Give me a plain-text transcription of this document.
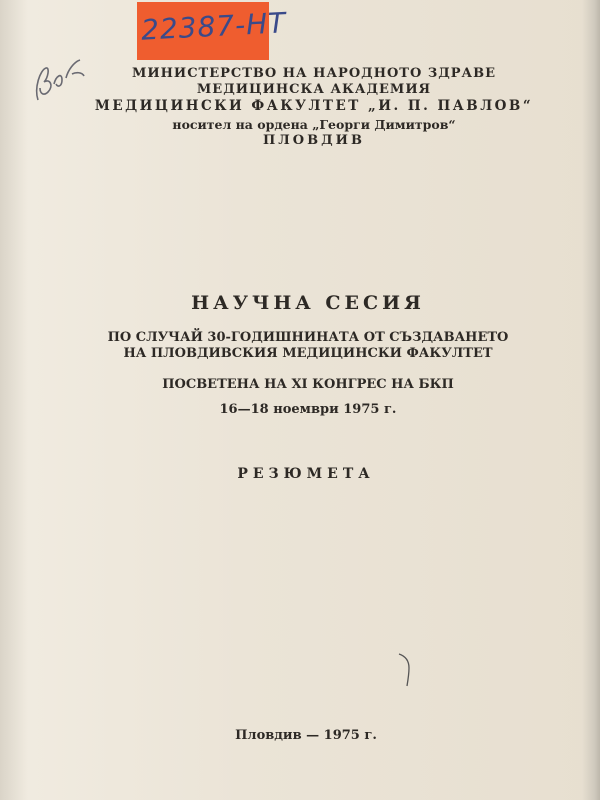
22387-НТ
МИНИСТЕРСТВО НА НАРОДНОТО ЗДРАВЕ
МЕДИЦИНСКА АКАДЕМИЯ
МЕДИЦИНСКИ ФАКУЛТЕТ „И. П. ПАВЛОВ“
носител на ордена „Георги Димитров“
ПЛОВДИВ
НАУЧНА СЕСИЯ
ПО СЛУЧАЙ 30-ГОДИШНИНАТА ОТ СЪЗДАВАНЕТО
НА ПЛОВДИВСКИЯ МЕДИЦИНСКИ ФАКУЛТЕТ
ПОСВЕТЕНА НА XI КОНГРЕС НА БКП
16—18 ноември 1975 г.
РЕЗЮМЕТА
Пловдив — 1975 г.
